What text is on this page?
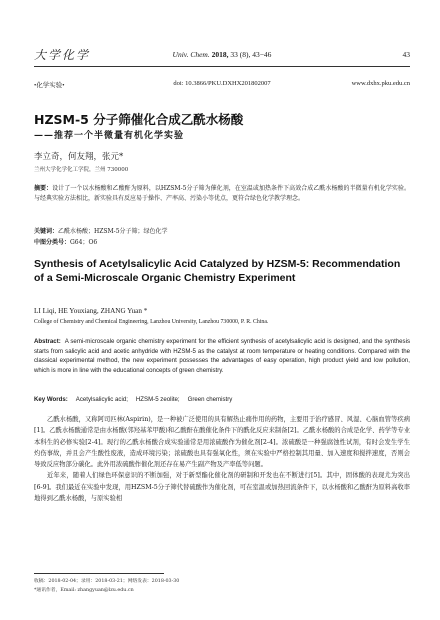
大学化学	Univ. Chem. 2018, 33 (8), 43−46	43
•化学实验•	doi: 10.3866/PKU.DXHX201802007	www.dxhx.pku.edu.cn
HZSM-5 分子筛催化合成乙酰水杨酸
——推荐一个半微量有机化学实验
李立奇，何友翔，张元*
兰州大学化学化工学院，兰州 730000
摘要：设计了一个以水杨酸和乙酸酐为原料，以HZSM-5分子筛为催化剂，在室温或加热条件下高效合成乙酰水杨酸的半微量有机化学实验。与经典实验方法相比，新实验具有反应易于操作、产率高、污染小等优点，更符合绿色化学教学理念。
关键词：乙酰水杨酸；HZSM-5分子筛；绿色化学
中图分类号：G64；O6
Synthesis of Acetylsalicylic Acid Catalyzed by HZSM-5: Recommendation of a Semi-Microscale Organic Chemistry Experiment
LI Liqi, HE Youxiang, ZHANG Yuan *
College of Chemistry and Chemical Engineering, Lanzhou University, Lanzhou 730000, P. R. China.
Abstract: A semi-microscale organic chemistry experiment for the efficient synthesis of acetylsalicylic acid is designed, and the synthesis starts from salicylic acid and acetic anhydride with HZSM-5 as the catalyst at room temperature or heating conditions. Compared with the classical experimental method, the new experiment possesses the advantages of easy operation, high product yield and low pollution, which is more in line with the educational concepts of green chemistry.
Key Words: Acetylsalicylic acid; HZSM-5 zeolite; Green chemistry

乙酰水杨酸，又称阿司匹林(Aspirin)，是一种被广泛使用的具有解热止痛作用的药物，主要用于治疗感冒、风湿、心脑血管等疾病[1]。乙酰水杨酸通常是由水杨酸(邻羟基苯甲酸)和乙酸酐在酸催化条件下的酰化反应来制备[2]。乙酰水杨酸的合成是化学、药学等专业本科生的必修实验[2-4]。现行的乙酰水杨酸合成实验通常是用浓硫酸作为催化剂[2-4]。浓硫酸是一种强腐蚀性试剂，有时会发生学生灼伤事故，并且会产生酸性废液，造成环境污染；浓硫酸也具有强氧化性，须在实验中严格控制其用量、加入速度和搅拌速度，否则会导致反应物部分碳化。此外用浓硫酸作催化剂还存在易产生副产物及产率低等问题。

近年来，随着人们绿色环保意识的不断加强，对于新型酯化催化剂的研制和开发也在不断进行[5]。其中，固体酸的表现尤为突出[6-9]。我们最近在实验中发现，用HZSM-5分子筛代替硫酸作为催化剂，可在室温或加热回流条件下，以水杨酸和乙酸酐为原料高收率地得到乙酰水杨酸，与原实验相

收稿：2018-02-04；录用：2018-03-21；网络发表：2018-03-30
*通讯作者，Email: zhangyuan@lzu.edu.cn
